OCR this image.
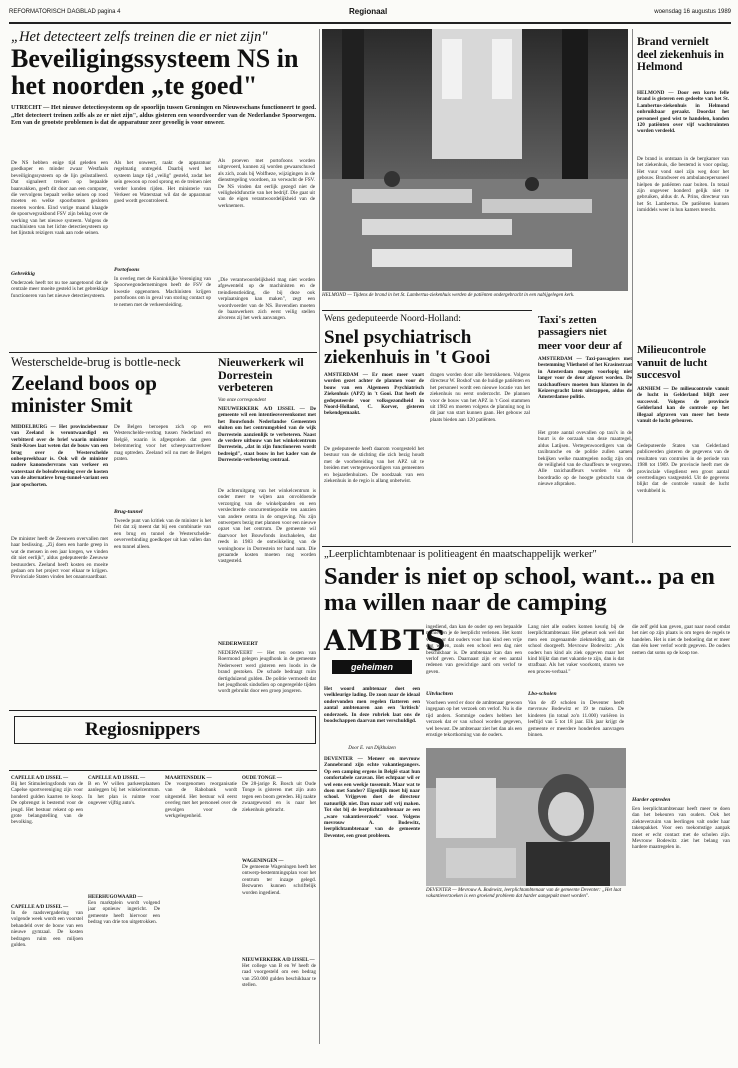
REFORMATORISCH DAGBLAD pagina 4	Regionaal	woensdag 16 augustus 1989
„Het detecteert zelfs treinen die er niet zijn"
Beveiligingssysteem NS in het noorden „te goed"
UTRECHT — Het nieuwe detectiesysteem op de spoorlijn tussen Groningen en Nieuweschans functioneert te goed. „Het detecteert treinen zelfs als ze er niet zijn", aldus gisteren een woordvoerder van de Nederlandse Spoorwegen. Een van de grootste problemen is dat de apparatuur zeer gevoelig is voor onweer.
De NS hebben enige tijd geleden een goedkoper en minder zwaar Westfaals beveiligingssysteem op de lijn geïnstalleerd. Dat signaleert treinen op bepaalde baanvakken, geeft dit door aan een computer, die vervolgens bepaalt welke seinen op rood moeten en welke spoorbomen gesloten moeten worden. Eind vorige maand klaagde de spoorwegvakbond FSV zijn beklag over de werking van het nieuwe systeem. Volgens de machinisten van het lichte detectiesysteem op het lijnstuk reizigers vaak aan rode seinen.
Gebrekkig
Onderzoek heeft tot nu toe aangetoond dat de centrale meer moeite gesteld is het gebrekkige functioneren van het nieuwe detectiesysteem.
Als het onweert, raakt de apparatuur regelmatig ontregeld. Daarbij werd het systeem lange tijd „veilig" gesteld, zodat het sein gewoon op rood sprong en de treinen niet verder konden rijden. Het ministerie van Verkeer en Waterstaat wil dat de apparatuur goed wordt gecontroleerd.
Portofoons
In overleg met de Koninklijke Vereniging van Spoorwegondernemingen heeft de FSV de kwestie opgenomen. Machinisten krijgen portofoons om in geval van storing contact op te nemen met de verkeersleiding.
Als proeven met portofoons worden uitgevoerd, kunnen zij worden gewaarschuwd als zich, zoals bij Wolfheze, wijzigingen in de dienstregeling voordoen, zo verwacht de FSV. De NS vinden dat eerlijk gezegd niet de veiligheidsfunctie van het bedrijf. Die gaat uit van de eigen verantwoordelijkheid van de werknemers.
„Die verantwoordelijkheid mag niet worden afgewenteld op de machinisten en de treindienstleiding, die bij deze ook verplaatsingen kan maken", zegt een woordvoerder van de NS. Bovendien moeten de baanwerkers zich eerst veilig stellen alvorens zij het werk aanvangen.
HELMOND — Tijdens de brand in het St. Lambertus-ziekenhuis werden de patiënten ondergebracht in een nabijgelegen kerk.
Brand vernielt deel ziekenhuis in Helmond
HELMOND — Door een korte felle brand is gisteren een gedeelte van het St. Lambertus-ziekenhuis in Helmond onbruikbaar geraakt. Doordat het personeel goed wist te handelen, konden 120 patiënten over vijf wachtruimten worden verdeeld.
De brand is ontstaan in de bergkamer van het ziekenhuis, die bestemd is voor opslag. Het vuur vond snel zijn weg door het gebouw. Brandweer en ambulancepersoneel hielpen de patiënten naar buiten. In totaal zijn ongeveer honderd gelijk niet te gebruiken, aldus dr. A. Prins, directeur van het St. Lambertus. De patiënten kunnen inmiddels weer in hun kamers terecht.
Milieucontrole vanuit de lucht succesvol
ARNHEM — De milieucontrole vanuit de lucht in Gelderland blijft zeer succesvol. Volgens de provincie Gelderland kan de controle op het illegaal afgraven van meer het beste vanuit de lucht gebeuren.
Gedeputeerde Staten van Gelderland publiceerden gisteren de gegevens van de resultaten van controles in de periode van 1988 tot 1989. De provincie heeft met de provinciale vliegdienst een groot aantal overtredingen vastgesteld. Uit de gegevens blijkt dat de controle vanuit de lucht verdubbeld is.
Westerschelde-brug is bottle-neck
Zeeland boos op minister Smit
MIDDELBURG — Het provinciebestuur van Zeeland is verontwaardigd en verbitterd over de brief waarin minister Smit-Kroes laat weten dat de bouw van een brug over de Westerschelde onbespreekbaar is. Ook wil de minister nadere kanonsdervrans van verkeer en waterstaat de bolsubvenning over de kosten van de alternatieve brug-tunnel-variant een jaar opschorten.
De minister heeft de Zeeuwen overvallen met haar beslissing. „Zij doen een harde greep in wat de mensen in een jaar kregen, we vinden dit niet eerlijk", aldus gedeputeerde Zeeuwse bestuurders. Zeeland heeft kosten en moeite gedaan om het project voor elkaar te krijgen. Provinciale Staten vinden het onaanvaardbaar.
De Belgen beroepen zich op een Westerschelde-verdrag tussen Nederland en België, waarin is afgesproken dat geen belemmering voor het scheepvaartverkeer mag optreden. Zeeland wil nu met de Belgen praten.
Brug-tunnel
Tweede punt van kritiek van de minister is het feit dat zij meent dat bij een combinatie van een brug en tunnel de Westerschelde-oeververbinding goedkoper uit kan vallen dan een tunnel alleen.
Nieuwerkerk wil Dorrestein verbeteren
Van onze correspondent
NIEUWERKERK A/D IJSSEL — De gemeente wil een intentieovereenkomst met het Bouwfonds Nederlandse Gemeenten sluiten om het centrumgebied van de wijk Dorrestein aanzienlijk te verbeteren. Naast de verdere uitbouw van het winkelcentrum Dorrestein, „dat in zijn functioneren wordt bedreigd", staat bouw in het kader van de Dorrestein-verbetering centraal.
De achteruitgang van het winkelcentrum is onder meer te wijten aan onvoldoende verzorging van de winkelpanden en een verslechterde concurrentiepositie ten aanzien van andere centra in de omgeving. Nu zijn ontwerpers bezig met plannen voor een nieuwe opzet van het centrum. De gemeente wil daarvoor het Bouwfonds inschakelen, dat reeds in 1983 de ontwikkeling van de woningbouw in Dorrestein ter hand nam. Die geraamde kosten moeten nog worden vastgesteld.
NEDERWEERT
NEDERWEERT — Het ten oosten van Roermond gelegen jeugdhonk in de gemeente Nederweert werd gisteren een loods in de brand gestoken. De schade bedraagt ruim dertigduizend gulden. De politie vermoedt dat het jeugdhonk sindsdien op ongeregelde tijden wordt gebruikt door een groep jongeren.
Wens gedeputeerde Noord-Holland:
Snel psychiatrisch ziekenhuis in 't Gooi
AMSTERDAM — Er moet meer vaart worden gezet achter de plannen voor de bouw van een Algemeen Psychiatrisch Ziekenhuis (APZ) in 't Gooi. Dat heeft de gedeputeerde voor volksgezondheid in Noord-Holland, C. Korver, gisteren bekendgemaakt.
De gedeputeerde heeft daarom voorgesteld het bestuur van de stichting die zich bezig houdt met de voorbereiding van het APZ uit te breiden met vertegenwoordigers van gemeenten en bejaardenhuizen. De noodzaak van een ziekenhuis in de regio is allang onbetwist.
dragen worden door alle betrokkenen. Volgens directeur W. Boshof van de huidige patiënten en het personeel wordt een nieuwe locatie van het ziekenhuis nu eerst onderzocht. De plannen voor de bouw van het APZ in 't Gooi stammen uit 1982 en moeten volgens de planning nog in dit jaar van start kunnen gaan. Het gebouw zal plaats bieden aan 120 patiënten.
Taxi's zetten passagiers niet
meer voor deur af
AMSTERDAM — Taxi-passagiers met bestemming Vliethotel of het Krasinstraat in Amsterdam mogen voorlopig niet langer voor de deur afgezet worden. De taxichauffeurs moeten hun klanten in de Keizersgracht laten uitstappen, aldus de Amsterdamse politie.
Het grote aantal ovevallen op taxi's in de buurt is de oorzaak van deze maatregel, aldus Latijsen. Vertegenwoordigers van de taxibranche en de politie zullen samen bekijken welke maatregelen nodig zijn om de veiligheid van de chauffeurs te vergroten. Alle taxichauffeurs worden via de boordradio op de hoogte gebracht van de nieuwe afspraken.
„Leerplichtambtenaar is politieagent én maatschappelijk werker"
Sander is niet op school, want... pa en ma willen naar de camping
AMBTS
geheimen
Het woord ambtenaar doet een veelkleurige lading. De zoon naar de ideaal ondervonden men regelen fiatteren een aantal ambtenaren aan een 'kritisch' onderzoek. In deze rubriek laat ons de boodschappen daarvan met verschuldigd.
Door E. van Dijkhuizen
DEVENTER — Meneer en mevrouw Zonnebrand zijn echte vakantiegangers. Op een camping ergens in België staat hun comfortabele caravan. Het echtpaar wil er wel eens een weekje tussenuit. Maar wat te doen met Sander? Eigenlijk moet hij naar school. Vrijgeven doet de directeur natuurlijk niet. Dan maar zelf vrij maken. Tot slot bij de leerplichtambtenaar ze een „ware vakantieverzoek" voor. Volgens mevrouw A. Bodewitz, leerplichtambtenaar van de gemeente Deventer, een groot probleem.
ingediend, dan kan de ouder op een bepaalde manier en je de leerplicht verlenen. Het komt veel voor dat ouders voor hun kind een vrije dag willen, zoals een school een dag niet beschikbaar is. De ambtenaar kan dan een verlof geven. Daarnaast zijn er een aantal redenen van gewichtige aard om verlof te geven.
Uitvluchten
Voorheen werd er door de ambtenaar gewoon ingegaan op het verzoek om verlof. Nu is die tijd anders. Sommige ouders hebben het verzoek dat er van school worden gegeven, wel bewust. De ambtenaar ziet het dan als een ernstige tekortkoming van de ouders.
Lang niet alle ouders komen keurig bij de leerplichtambtenaar. Het gebeurt ook wel dat men een zogenaamde ziekmelding aan de school doorgeeft. Mevrouw Bodewitz: „Als ouders hun kind als ziek opgeven maar het kind blijkt dan met vakantie te zijn, dan is dat strafbaar. Als het vaker voorkomt, sturen we een proces-verbaal."
Lbo-scholen
Van de 49 scholen in Deventer heeft mevrouw Bodewitz er 19 te maken. De kinderen (in totaal zo'n 11.000) variëren in leeftijd van 5 tot 18 jaar. Elk jaar krijgt de gemeente er meerdere honderden aanvragen binnen.
die zelf geld kan geven, gaat naar nood omdat het niet op zijn plaats is om tegen de regels te handelen. Het is niet de bedoeling dat er meer dan één keer verlof wordt gegeven. De ouders nemen dat soms op de koop toe.
Harder optreden
Een leerplichtambtenaar heeft meer te doen dan het bekeuren van ouders. Ook het ziekteverzuim van leerlingen valt onder haar takenpakket. Voor een toekomstige aanpak moet er echt contact met de scholen zijn. Mevrouw Bodewitz ziet het belang van hardere maatregelen in.
DEVENTER — Mevrouw A. Bodewitz, leerplichtambtenaar van de gemeente Deventer: „Het laat vakantieverzoeken is een groeiend probleem dat harder aangepakt moet worden".
Regiosnippers
CAPELLE A/D IJSSEL —
Bij het Stimuleringsfonds van de Capelse sportvereniging zijn voor honderd gulden kaarten te koop. De opbrengst is bestemd voor de jeugd. Het bestuur rekent op een grote belangstelling van de bevolking.
CAPELLE A/D IJSSEL —
In de raadsvergadering van volgende week wordt een voorstel behandeld over de bouw van een nieuwe gymzaal. De kosten bedragen ruim een miljoen gulden.
CAPELLE A/D IJSSEL —
B en W willen parkeerplaatsen aanleggen bij het winkelcentrum. In het plan is ruimte voor ongeveer vijftig auto's.
HEERHUGOWAARD —
Een marktplein wordt volgend jaar opnieuw ingericht. De gemeente heeft hiervoor een bedrag van drie ton uitgetrokken.
MAARTENSDIJK —
De voorgenomen reorganisatie van de Rabobank wordt uitgesteld. Het bestuur wil eerst overleg met het personeel over de gevolgen voor de werkgelegenheid.
OUDE TONGE —
De 28-jarige R. Bosch uit Oude Tonge is gisteren met zijn auto tegen een boom gereden. Hij raakte zwaargewond en is naar het ziekenhuis gebracht.
WAGENINGEN —
De gemeente Wageningen heeft het ontwerp-bestemmingsplan voor het centrum ter inzage gelegd. Bezwaren kunnen schriftelijk worden ingediend.
NIEUWERKERK A/D IJSSEL —
Het college van B en W heeft de raad voorgesteld om een bedrag van 250.000 gulden beschikbaar te stellen.
